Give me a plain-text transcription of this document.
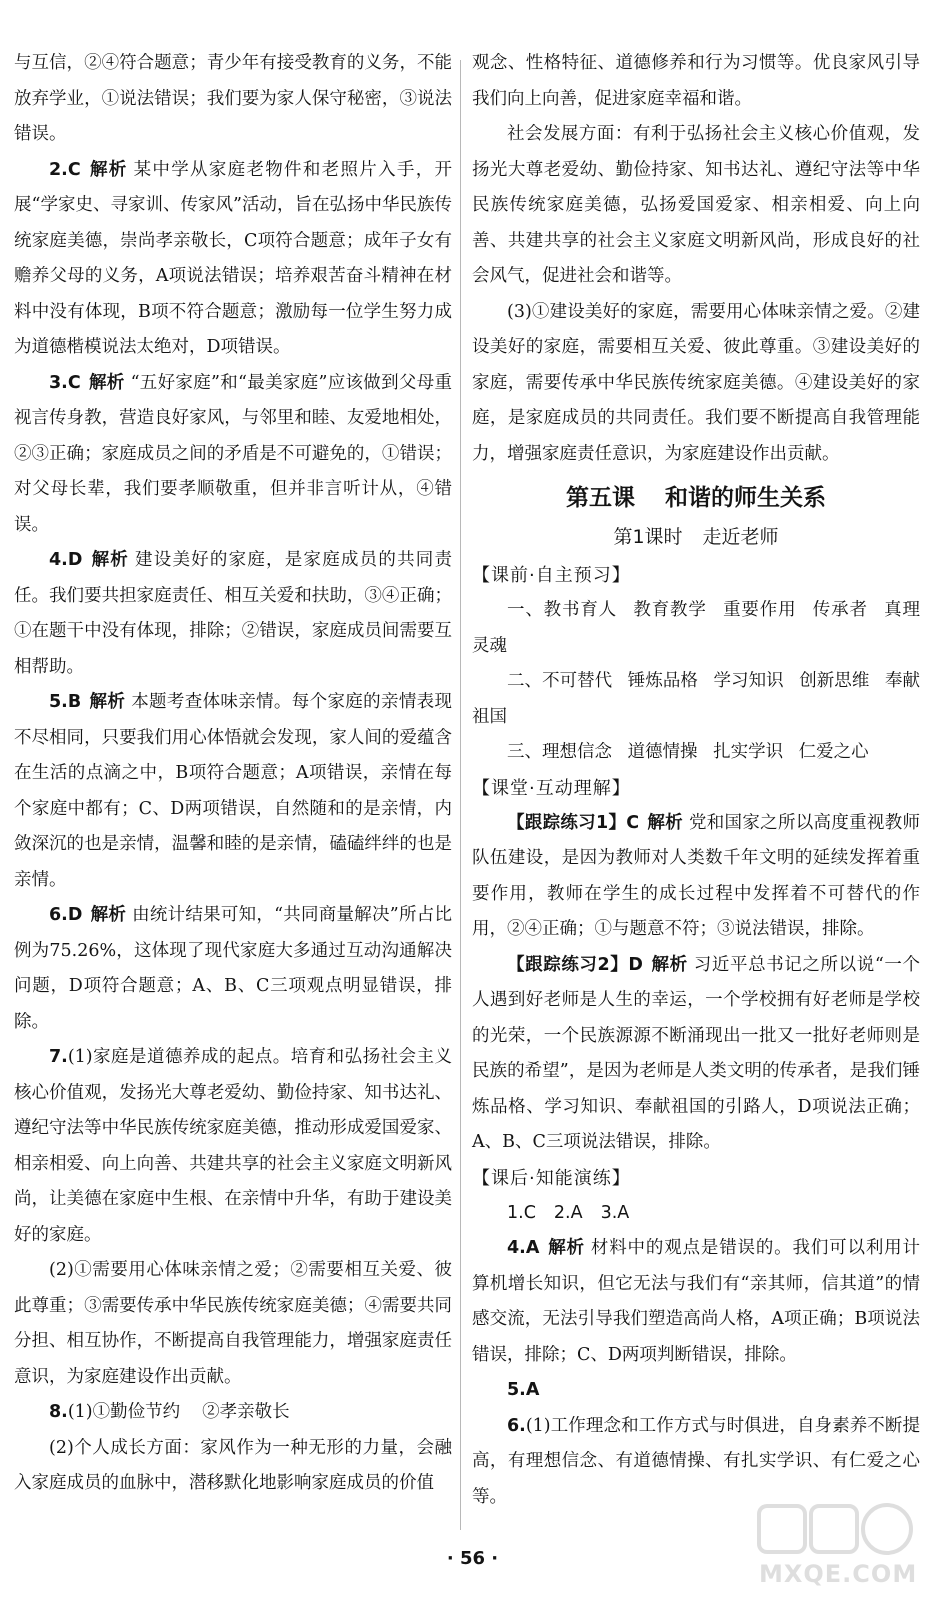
与互信，②④符合题意；青少年有接受教育的义务，不能放弃学业，①说法错误；我们要为家人保守秘密，③说法错误。

2.C 解析 某中学从家庭老物件和老照片入手，开展“学家史、寻家训、传家风”活动，旨在弘扬中华民族传统家庭美德，崇尚孝亲敬长，C项符合题意；成年子女有赡养父母的义务，A项说法错误；培养艰苦奋斗精神在材料中没有体现，B项不符合题意；激励每一位学生努力成为道德楷模说法太绝对，D项错误。

3.C 解析 “五好家庭”和“最美家庭”应该做到父母重视言传身教，营造良好家风，与邻里和睦、友爱地相处，②③正确；家庭成员之间的矛盾是不可避免的，①错误；对父母长辈，我们要孝顺敬重，但并非言听计从，④错误。

4.D 解析 建设美好的家庭，是家庭成员的共同责任。我们要共担家庭责任、相互关爱和扶助，③④正确；①在题干中没有体现，排除；②错误，家庭成员间需要互相帮助。

5.B 解析 本题考查体味亲情。每个家庭的亲情表现不尽相同，只要我们用心体悟就会发现，家人间的爱蕴含在生活的点滴之中，B项符合题意；A项错误，亲情在每个家庭中都有；C、D两项错误，自然随和的是亲情，内敛深沉的也是亲情，温馨和睦的是亲情，磕磕绊绊的也是亲情。

6.D 解析 由统计结果可知，“共同商量解决”所占比例为75.26%，这体现了现代家庭大多通过互动沟通解决问题，D项符合题意；A、B、C三项观点明显错误，排除。

7.(1)家庭是道德养成的起点。培育和弘扬社会主义核心价值观，发扬光大尊老爱幼、勤俭持家、知书达礼、遵纪守法等中华民族传统家庭美德，推动形成爱国爱家、相亲相爱、向上向善、共建共享的社会主义家庭文明新风尚，让美德在家庭中生根、在亲情中升华，有助于建设美好的家庭。

(2)①需要用心体味亲情之爱；②需要相互关爱、彼此尊重；③需要传承中华民族传统家庭美德；④需要共同分担、相互协作，不断提高自我管理能力，增强家庭责任意识，为家庭建设作出贡献。

8.(1)①勤俭节约 ②孝亲敬长

(2)个人成长方面：家风作为一种无形的力量，会融入家庭成员的血脉中，潜移默化地影响家庭成员的价值

观念、性格特征、道德修养和行为习惯等。优良家风引导我们向上向善，促进家庭幸福和谐。

社会发展方面：有利于弘扬社会主义核心价值观，发扬光大尊老爱幼、勤俭持家、知书达礼、遵纪守法等中华民族传统家庭美德，弘扬爱国爱家、相亲相爱、向上向善、共建共享的社会主义家庭文明新风尚，形成良好的社会风气，促进社会和谐等。

(3)①建设美好的家庭，需要用心体味亲情之爱。②建设美好的家庭，需要相互关爱、彼此尊重。③建设美好的家庭，需要传承中华民族传统家庭美德。④建设美好的家庭，是家庭成员的共同责任。我们要不断提高自我管理能力，增强家庭责任意识，为家庭建设作出贡献。

第五课 和谐的师生关系
第1课时 走近老师

【课前·自主预习】

一、教书育人 教育教学 重要作用 传承者 真理 灵魂

二、不可替代 锤炼品格 学习知识 创新思维 奉献祖国

三、理想信念 道德情操 扎实学识 仁爱之心

【课堂·互动理解】

【跟踪练习1】C 解析 党和国家之所以高度重视教师队伍建设，是因为教师对人类数千年文明的延续发挥着重要作用，教师在学生的成长过程中发挥着不可替代的作用，②④正确；①与题意不符；③说法错误，排除。

【跟踪练习2】D 解析 习近平总书记之所以说“一个人遇到好老师是人生的幸运，一个学校拥有好老师是学校的光荣，一个民族源源不断涌现出一批又一批好老师则是民族的希望”，是因为老师是人类文明的传承者，是我们锤炼品格、学习知识、奉献祖国的引路人，D项说法正确；A、B、C三项说法错误，排除。

【课后·知能演练】

1.C 2.A 3.A

4.A 解析 材料中的观点是错误的。我们可以利用计算机增长知识，但它无法与我们有“亲其师，信其道”的情感交流，无法引导我们塑造高尚人格，A项正确；B项说法错误，排除；C、D两项判断错误，排除。

5.A

6.(1)工作理念和工作方式与时俱进，自身素养不断提高，有理想信念、有道德情操、有扎实学识、有仁爱之心等。

· 56 ·
MXQE.COM
